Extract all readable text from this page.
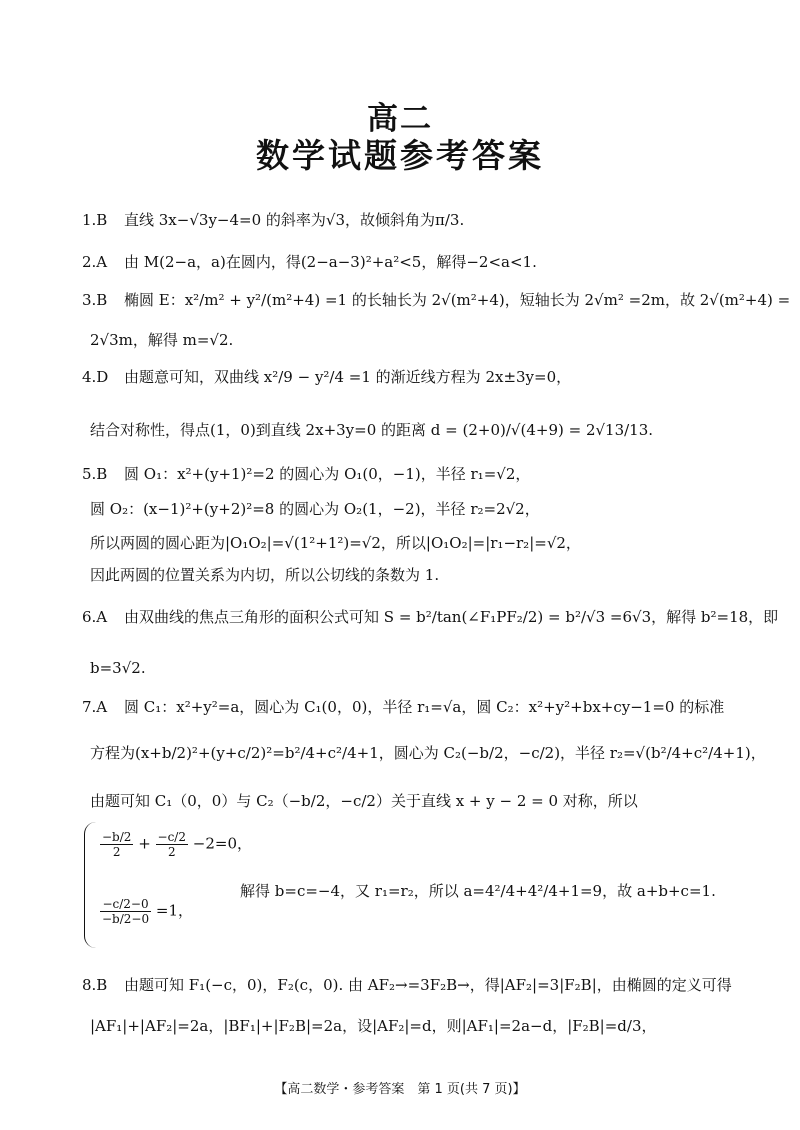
高二
数学试题参考答案
1.B 直线 3x−√3y−4=0 的斜率为√3，故倾斜角为π/3.
2.A 由 M(2−a，a)在圆内，得(2−a−3)²+a²<5，解得−2<a<1.
3.B 椭圆 E：x²/m² + y²/(m²+4) =1 的长轴长为 2√(m²+4)，短轴长为 2√m² =2m，故 2√(m²+4) =
2√3m，解得 m=√2.
4.D 由题意可知，双曲线 x²/9 − y²/4 =1 的渐近线方程为 2x±3y=0，
结合对称性，得点(1，0)到直线 2x+3y=0 的距离 d = (2+0)/√(4+9) = 2√13/13.
5.B 圆 O₁：x²+(y+1)²=2 的圆心为 O₁(0，−1)，半径 r₁=√2，
圆 O₂：(x−1)²+(y+2)²=8 的圆心为 O₂(1，−2)，半径 r₂=2√2，
所以两圆的圆心距为|O₁O₂|=√(1²+1²)=√2，所以|O₁O₂|=|r₁−r₂|=√2，
因此两圆的位置关系为内切，所以公切线的条数为 1.
6.A 由双曲线的焦点三角形的面积公式可知 S = b²/tan(∠F₁PF₂/2) = b²/√3 =6√3，解得 b²=18，即
b=3√2.
7.A 圆 C₁：x²+y²=a，圆心为 C₁(0，0)，半径 r₁=√a，圆 C₂：x²+y²+bx+cy−1=0 的标准
方程为(x+b/2)²+(y+c/2)²=b²/4+c²/4+1，圆心为 C₂(−b/2，−c/2)，半径 r₂=√(b²/4+c²/4+1)，
由题可知 C₁（0，0）与 C₂（−b/2，−c/2）关于直线 x + y − 2 = 0 对称，所以
$\frac{-b/2}{2} + \frac{-c/2}{2} -2=0$，
$\frac{-c/2-0}{-b/2-0} =1$，
解得 b=c=−4，又 r₁=r₂，所以 a=4²/4+4²/4+1=9，故 a+b+c=1.
8.B 由题可知 F₁(−c，0)，F₂(c，0). 由 AF₂→=3F₂B→，得|AF₂|=3|F₂B|，由椭圆的定义可得
|AF₁|+|AF₂|=2a，|BF₁|+|F₂B|=2a，设|AF₂|=d，则|AF₁|=2a−d，|F₂B|=d/3，
【高二数学・参考答案　第 1 页(共 7 页)】
